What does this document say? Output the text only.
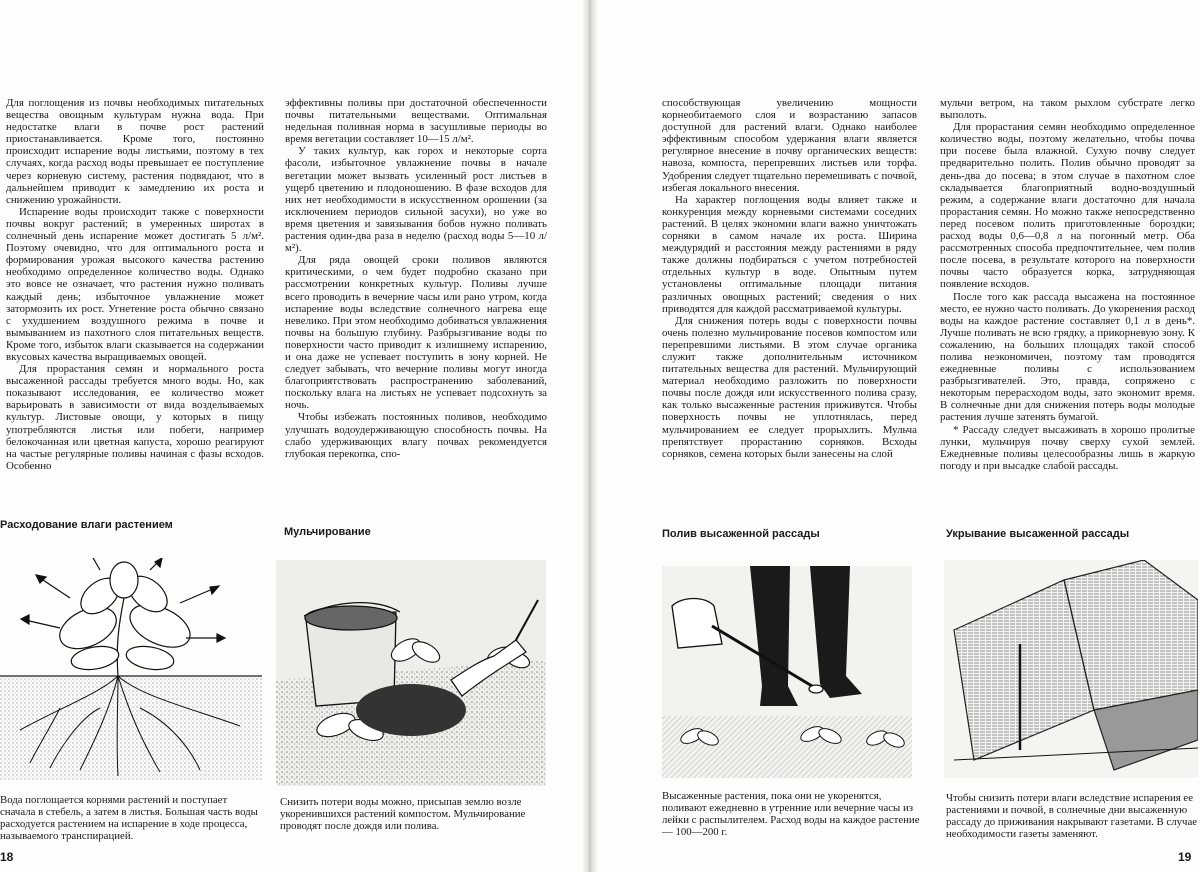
Для поглощения из почвы необходимых питательных вещества овощным культурам нужна вода. При недостатке влаги в почве рост растений приостанавливается. Кроме того, постоянно происходит испарение воды листьями, поэтому в тех случаях, когда расход воды превышает ее поступление через корневую систему, растения подвядают, что в дальнейшем приводит к замедлению их роста и снижению урожайности.

Испарение воды происходит также с поверхности почвы вокруг растений; в умеренных широтах в солнечный день испарение может достигать 5 л/м². Поэтому очевидно, что для оптимального роста и формирования урожая высокого качества растению необходимо определенное количество воды. Однако это вовсе не означает, что растения нужно поливать каждый день; избыточное увлажнение может затормозить их рост. Угнетение роста обычно связано с ухудшением воздушного режима в почве и вымыванием из пахотного слоя питательных веществ. Кроме того, избыток влаги сказывается на содержании вкусовых качества выращиваемых овощей.

Для прорастания семян и нормального роста высаженной рассады требуется много воды. Но, как показывают исследования, ее количество может варьировать в зависимости от вида возделываемых культур. Листовые овощи, у которых в пищу употребляются листья или побеги, например белокочанная или цветная капуста, хорошо реагируют на частые регулярные поливы начиная с фазы всходов. Особенно

эффективны поливы при достаточной обеспеченности почвы питательными веществами. Оптимальная недельная поливная норма в засушливые периоды во время вегетации составляет 10—15 л/м².

У таких культур, как горох и некоторые сорта фасоли, избыточное увлажнение почвы в начале вегетации может вызвать усиленный рост листьев в ущерб цветению и плодоношению. В фазе всходов для них нет необходимости в искусственном орошении (за исключением периодов сильной засухи), но уже во время цветения и завязывания бобов нужно поливать растения один-два раза в неделю (расход воды 5—10 л/м²).

Для ряда овощей сроки поливов являются критическими, о чем будет подробно сказано при рассмотрении конкретных культур. Поливы лучше всего проводить в вечерние часы или рано утром, когда испарение воды вследствие солнечного нагрева еще невелико. При этом необходимо добиваться увлажнения почвы на большую глубину. Разбрызгивание воды по поверхности часто приводит к излишнему испарению, и она даже не успевает поступить в зону корней. Не следует забывать, что вечерние поливы могут иногда благоприятствовать распространению заболеваний, поскольку влага на листьях не успевает подсохнуть за ночь.

Чтобы избежать постоянных поливов, необходимо улучшать водоудерживающую способность почвы. На слабо удерживающих влагу почвах рекомендуется глубокая перекопка, спо-

Расходование влаги растением
Вода поглощается корнями растений и поступает сначала в стебель, а затем в листья. Большая часть воды расходуется растением на испарение в ходе процесса, называемого транспирацией.
Мульчирование
Снизить потери воды можно, присыпав землю возле укоренившихся растений компостом. Мульчирование проводят после дождя или полива.
18

способствующая увеличению мощности корнеобитаемого слоя и возрастанию запасов доступной для растений влаги. Однако наиболее эффективным способом удержания влаги является регулярное внесение в почву органических веществ: навоза, компоста, перепревших листьев или торфа. Удобрения следует тщательно перемешивать с почвой, избегая локального внесения.

На характер поглощения воды влияет также и конкуренция между корневыми системами соседних растений. В целях экономии влаги важно уничтожать сорняки в самом начале их роста. Ширина междурядий и расстояния между растениями в ряду также должны подбираться с учетом потребностей отдельных культур в воде. Опытным путем установлены оптимальные площади питания различных овощных растений; сведения о них приводятся для каждой рассматриваемой культуры.

Для снижения потерь воды с поверхности почвы очень полезно мульчирование посевов компостом или перепревшими листьями. В этом случае органика служит также дополнительным источником питательных вещества для растений. Мульчирующий материал необходимо разложить по поверхности почвы после дождя или искусственного полива сразу, как только высаженные растения приживутся. Чтобы поверхность почвы не уплотнялась, перед мульчированием ее следует прорыхлить. Мульча препятствует прорастанию сорняков. Всходы сорняков, семена которых были занесены на слой

мульчи ветром, на таком рыхлом субстрате легко выполоть.

Для прорастания семян необходимо определенное количество воды, поэтому желательно, чтобы почва при посеве была влажной. Сухую почву следует предварительно полить. Полив обычно проводят за день-два до посева; в этом случае в пахотном слое складывается благоприятный водно-воздушный режим, а содержание влаги достаточно для начала прорастания семян. Но можно также непосредственно перед посевом полить приготовленные бороздки; расход воды 0,6—0,8 л на погонный метр. Оба рассмотренных способа предпочтительнее, чем полив после посева, в результате которого на поверхности почвы часто образуется корка, затрудняющая появление всходов.

После того как рассада высажена на постоянное место, ее нужно часто поливать. До укоренения расход воды на каждое растение составляет 0,1 л в день*. Лучше поливать не всю грядку, а прикорневую зону. К сожалению, на больших площадях такой способ полива неэкономичен, поэтому там проводятся ежедневные поливы с использованием разбрызгивателей. Это, правда, сопряжено с некоторым перерасходом воды, зато экономит время. В солнечные дни для снижения потерь воды молодые растения лучше затенять бумагой.

* Рассаду следует высаживать в хорошо пролитые лунки, мульчируя почву сверху сухой землей. Ежедневные поливы целесообразны лишь в жаркую погоду и при высадке слабой рассады.

Полив высаженной рассады
Высаженные растения, пока они не укоренятся, поливают ежедневно в утренние или вечерние часы из лейки с распылителем. Расход воды на каждое растение — 100—200 г.
Укрывание высаженной рассады
Чтобы снизить потери влаги вследствие испарения ее растениями и почвой, в солнечные дни высаженную рассаду до приживания накрывают газетами. В случае необходимости газеты заменяют.
19
